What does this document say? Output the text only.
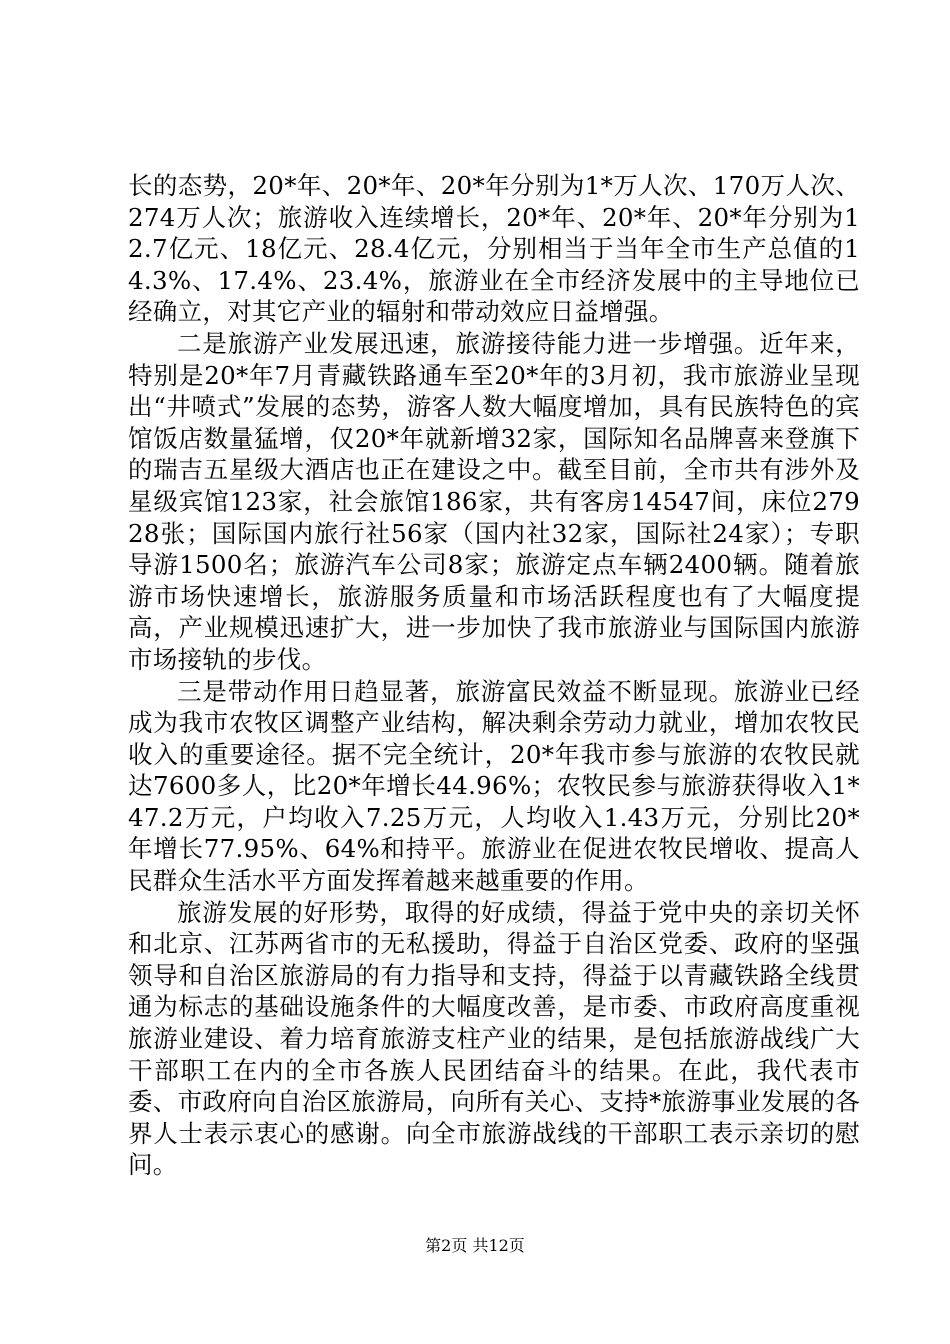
长的态势，20*年、20*年、20*年分别为1*万人次、170万人次、274万人次；旅游收入连续增长，20*年、20*年、20*年分别为12.7亿元、18亿元、28.4亿元，分别相当于当年全市生产总值的14.3%、17.4%、23.4%，旅游业在全市经济发展中的主导地位已经确立，对其它产业的辐射和带动效应日益增强。

二是旅游产业发展迅速，旅游接待能力进一步增强。近年来，特别是20*年7月青藏铁路通车至20*年的3月初，我市旅游业呈现出“井喷式”发展的态势，游客人数大幅度增加，具有民族特色的宾馆饭店数量猛增，仅20*年就新增32家，国际知名品牌喜来登旗下的瑞吉五星级大酒店也正在建设之中。截至目前，全市共有涉外及星级宾馆123家，社会旅馆186家，共有客房14547间，床位27928张；国际国内旅行社56家（国内社32家，国际社24家）；专职导游1500名；旅游汽车公司8家；旅游定点车辆2400辆。随着旅游市场快速增长，旅游服务质量和市场活跃程度也有了大幅度提高，产业规模迅速扩大，进一步加快了我市旅游业与国际国内旅游市场接轨的步伐。

三是带动作用日趋显著，旅游富民效益不断显现。旅游业已经成为我市农牧区调整产业结构，解决剩余劳动力就业，增加农牧民收入的重要途径。据不完全统计，20*年我市参与旅游的农牧民就达7600多人，比20*年增长44.96%；农牧民参与旅游获得收入1*47.2万元，户均收入7.25万元，人均收入1.43万元，分别比20*年增长77.95%、64%和持平。旅游业在促进农牧民增收、提高人民群众生活水平方面发挥着越来越重要的作用。

旅游发展的好形势，取得的好成绩，得益于党中央的亲切关怀和北京、江苏两省市的无私援助，得益于自治区党委、政府的坚强领导和自治区旅游局的有力指导和支持，得益于以青藏铁路全线贯通为标志的基础设施条件的大幅度改善，是市委、市政府高度重视旅游业建设、着力培育旅游支柱产业的结果，是包括旅游战线广大干部职工在内的全市各族人民团结奋斗的结果。在此，我代表市委、市政府向自治区旅游局，向所有关心、支持*旅游事业发展的各界人士表示衷心的感谢。向全市旅游战线的干部职工表示亲切的慰问。

第2页 共12页
